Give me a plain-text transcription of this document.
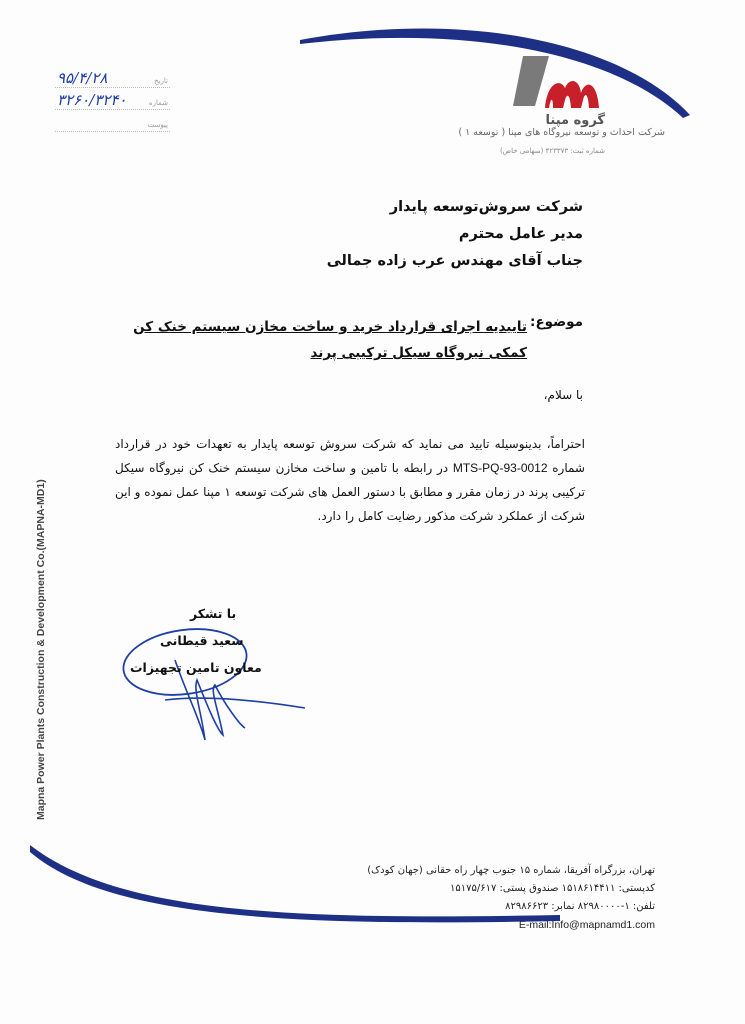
گروه مپنا
شرکت احداث و توسعه نیروگاه های مپنا ( توسعه ۱ )
شماره ثبت: ۴۲۳۳۷۳ (سهامی خاص)
۹۵/۴/۲۸	تاریخ
۳۲۶۰/۳۲۴۰	شماره
پیوست
شرکت سروش‌توسعه پایدار
مدیر عامل محترم
جناب آقای مهندس عرب زاده جمالی
موضوع:
تاییدیه اجرای قرارداد خرید و ساخت مخازن سیستم خنک کن کمکی نیروگاه سیکل ترکیبی پرند
با سلام،
احتراماً، بدینوسیله تایید می نماید که شرکت سروش توسعه پایدار به تعهدات خود در قرارداد شماره MTS-PQ-93-0012 در رابطه با تامین و ساخت مخازن سیستم خنک کن نیروگاه سیکل ترکیبی پرند در زمان مقرر و مطابق با دستور العمل های شرکت توسعه ۱ مپنا عمل نموده و این شرکت از عملکرد شرکت مذکور رضایت کامل را دارد.
با تشکر
سعید قیطانی
معاون تامین تجهیزات
Mapna Power Plants Construction & Development Co.(MAPNA-MD1)
تهران، بزرگراه آفریقا، شماره ۱۵ جنوب چهار راه حقانی (جهان کودک)
کدپستی: ۱۵۱۸۶۱۴۴۱۱ صندوق پستی: ۱۵۱۷۵/۶۱۷
تلفن: ۱-۸۲۹۸۰۰۰۰ نمابر: ۸۲۹۸۶۶۲۳
E-mail:Info@mapnamd1.com
